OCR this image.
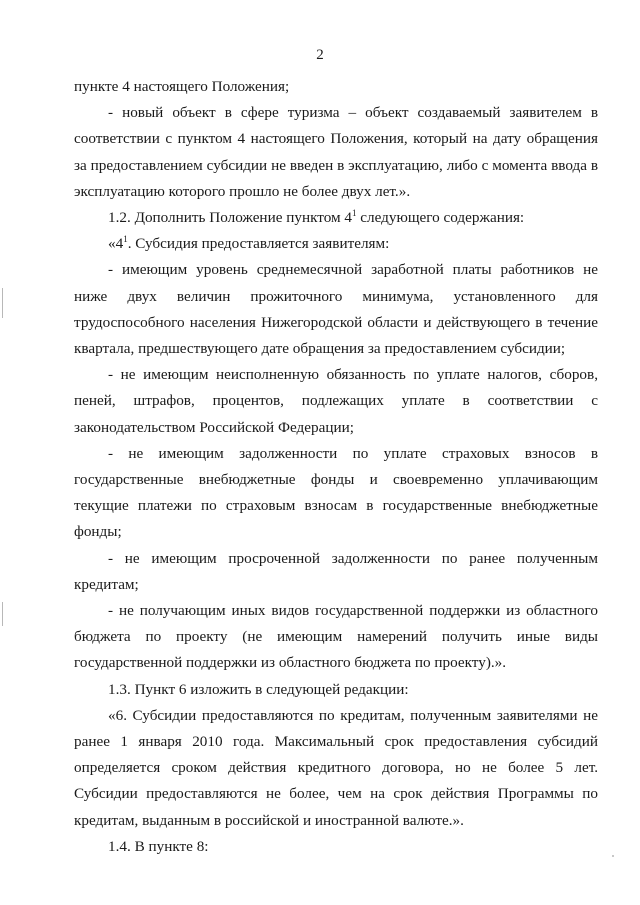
2

пункте 4 настоящего Положения;

- новый объект в сфере туризма – объект создаваемый заявителем в соответствии с пунктом 4 настоящего Положения, который на дату обращения за предоставлением субсидии не введен в эксплуатацию, либо с момента ввода в эксплуатацию которого прошло не более двух лет.».

1.2. Дополнить Положение пунктом $4^1$ следующего содержания:

«$4^1$. Субсидия предоставляется заявителям:

- имеющим уровень среднемесячной заработной платы работников не ниже двух величин прожиточного минимума, установленного для трудоспособного населения Нижегородской области и действующего в течение квартала, предшествующего дате обращения за предоставлением субсидии;

- не имеющим неисполненную обязанность по уплате налогов, сборов, пеней, штрафов, процентов, подлежащих уплате в соответствии с законодательством Российской Федерации;

- не имеющим задолженности по уплате страховых взносов в государственные внебюджетные фонды и своевременно уплачивающим текущие платежи по страховым взносам в государственные внебюджетные фонды;

- не имеющим просроченной задолженности по ранее полученным кредитам;

- не получающим иных видов государственной поддержки из областного бюджета по проекту (не имеющим намерений получить иные виды государственной поддержки из областного бюджета по проекту).».

1.3. Пункт 6 изложить в следующей редакции:

«6. Субсидии предоставляются по кредитам, полученным заявителями не ранее 1 января 2010 года. Максимальный срок предоставления субсидий определяется сроком действия кредитного договора, но не более 5 лет. Субсидии предоставляются не более, чем на срок действия Программы по кредитам, выданным в российской и иностранной валюте.».

1.4. В пункте 8:
